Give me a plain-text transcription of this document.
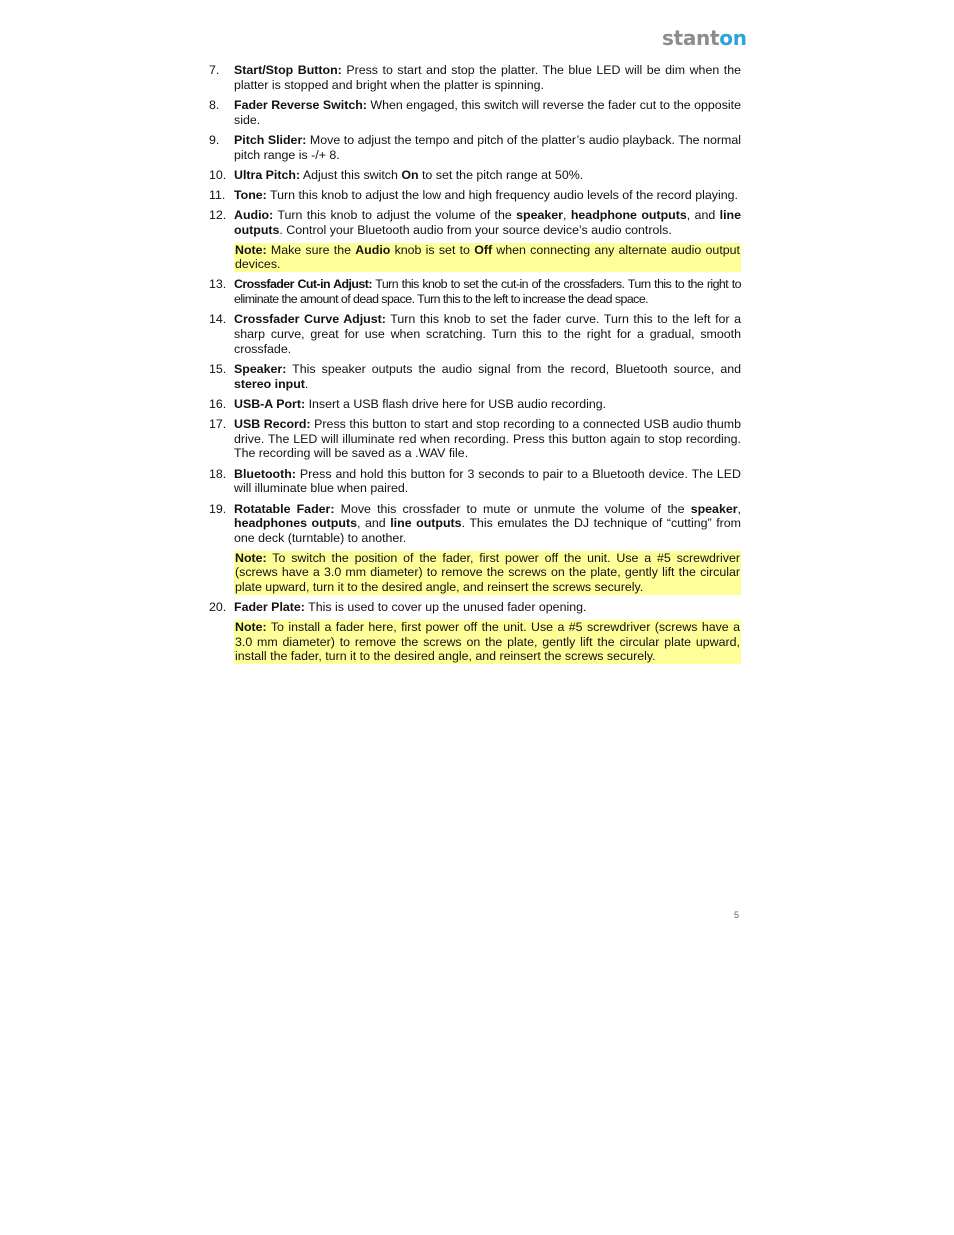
stanton
7.	Start/Stop Button: Press to start and stop the platter. The blue LED will be dim when the platter is stopped and bright when the platter is spinning.
8.	Fader Reverse Switch: When engaged, this switch will reverse the fader cut to the opposite side.
9.	Pitch Slider: Move to adjust the tempo and pitch of the platter’s audio playback. The normal pitch range is -/+ 8.
10. Ultra Pitch: Adjust this switch On to set the pitch range at 50%.
11. Tone: Turn this knob to adjust the low and high frequency audio levels of the record playing.
12. Audio: Turn this knob to adjust the volume of the speaker, headphone outputs, and line outputs. Control your Bluetooth audio from your source device’s audio controls.
Note: Make sure the Audio knob is set to Off when connecting any alternate audio output devices.
13. Crossfader Cut-in Adjust: Turn this knob to set the cut-in of the crossfaders. Turn this to the right to eliminate the amount of dead space. Turn this to the left to increase the dead space.
14. Crossfader Curve Adjust: Turn this knob to set the fader curve. Turn this to the left for a sharp curve, great for use when scratching. Turn this to the right for a gradual, smooth crossfade.
15. Speaker: This speaker outputs the audio signal from the record, Bluetooth source, and stereo input.
16. USB-A Port: Insert a USB flash drive here for USB audio recording.
17. USB Record: Press this button to start and stop recording to a connected USB audio thumb drive. The LED will illuminate red when recording. Press this button again to stop recording. The recording will be saved as a .WAV file.
18. Bluetooth: Press and hold this button for 3 seconds to pair to a Bluetooth device. The LED will illuminate blue when paired.
19. Rotatable Fader: Move this crossfader to mute or unmute the volume of the speaker, headphones outputs, and line outputs. This emulates the DJ technique of “cutting” from one deck (turntable) to another.
Note: To switch the position of the fader, first power off the unit. Use a #5 screwdriver (screws have a 3.0 mm diameter) to remove the screws on the plate, gently lift the circular plate upward, turn it to the desired angle, and reinsert the screws securely.
20. Fader Plate: This is used to cover up the unused fader opening.
Note: To install a fader here, first power off the unit. Use a #5 screwdriver (screws have a 3.0 mm diameter) to remove the screws on the plate, gently lift the circular plate upward, install the fader, turn it to the desired angle, and reinsert the screws securely.
5
